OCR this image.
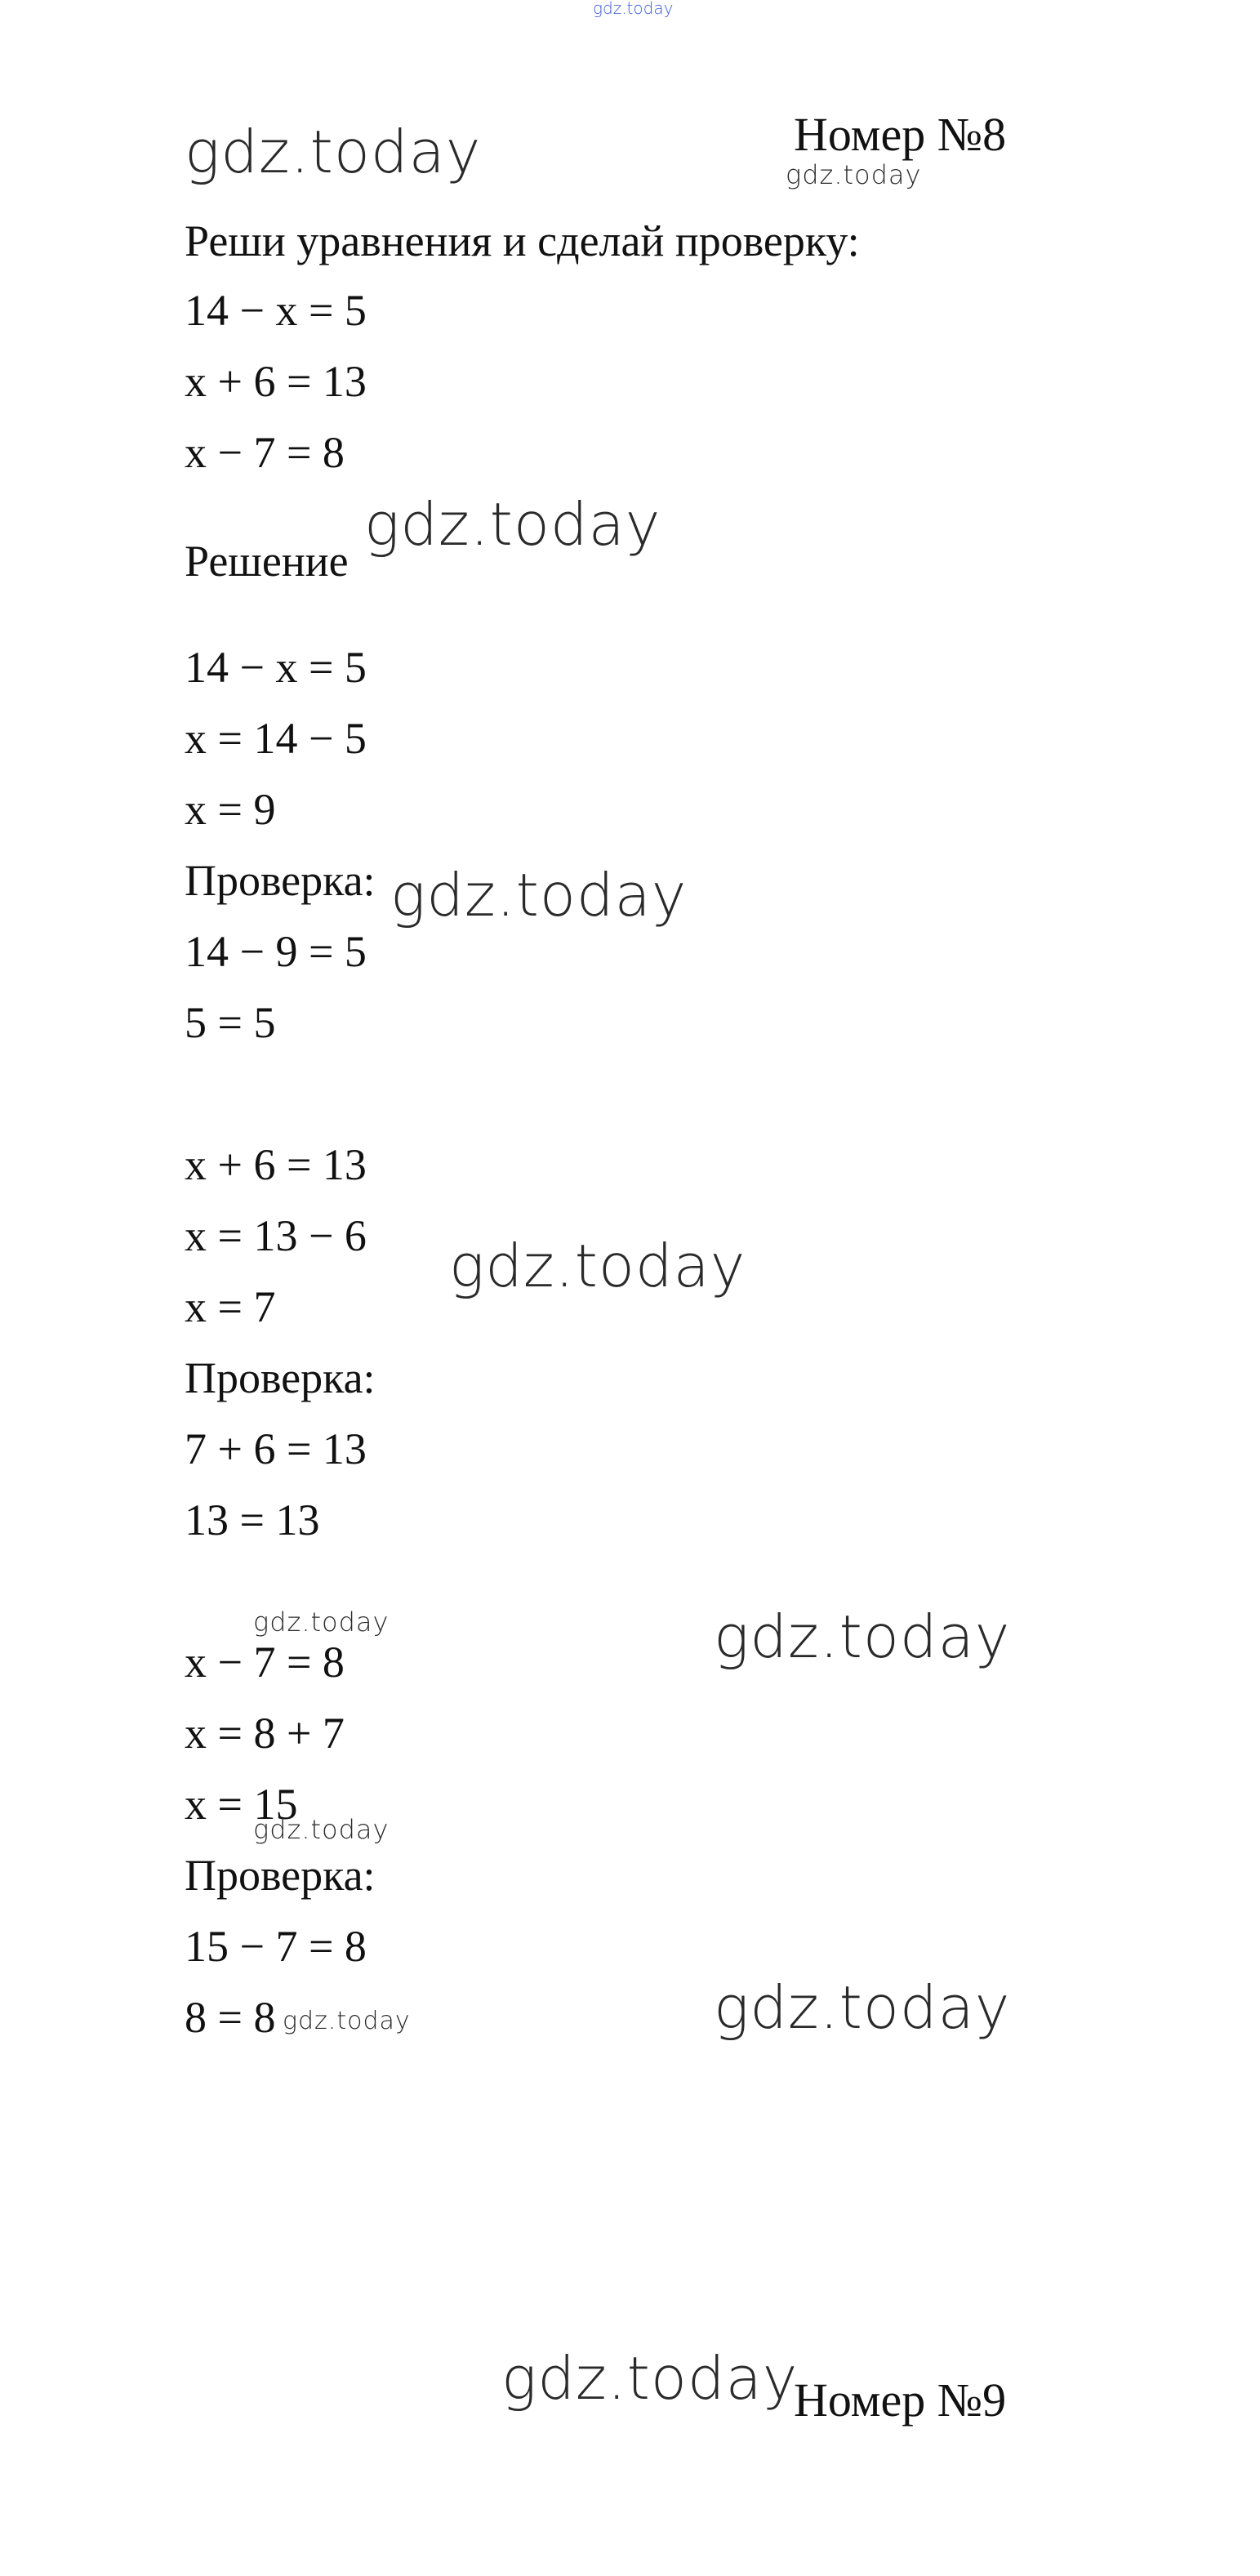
gdz.today
gdz.today	Номер №8
gdz.today
Реши уравнения и сделай проверку:
14 − x = 5
x + 6 = 13
x − 7 = 8
Решение
gdz.today
14 − x = 5
x = 14 − 5
x = 9
Проверка: gdz.today
14 − 9 = 5
5 = 5
x + 6 = 13
x = 13 − 6 gdz.today
x = 7
Проверка:
7 + 6 = 13
13 = 13
gdz.today	gdz.today
x − 7 = 8
x = 8 + 7
x = 15
gdz.today
Проверка:
15 − 7 = 8
8 = 8 gdz.today	gdz.today
gdz.today
Номер №9
